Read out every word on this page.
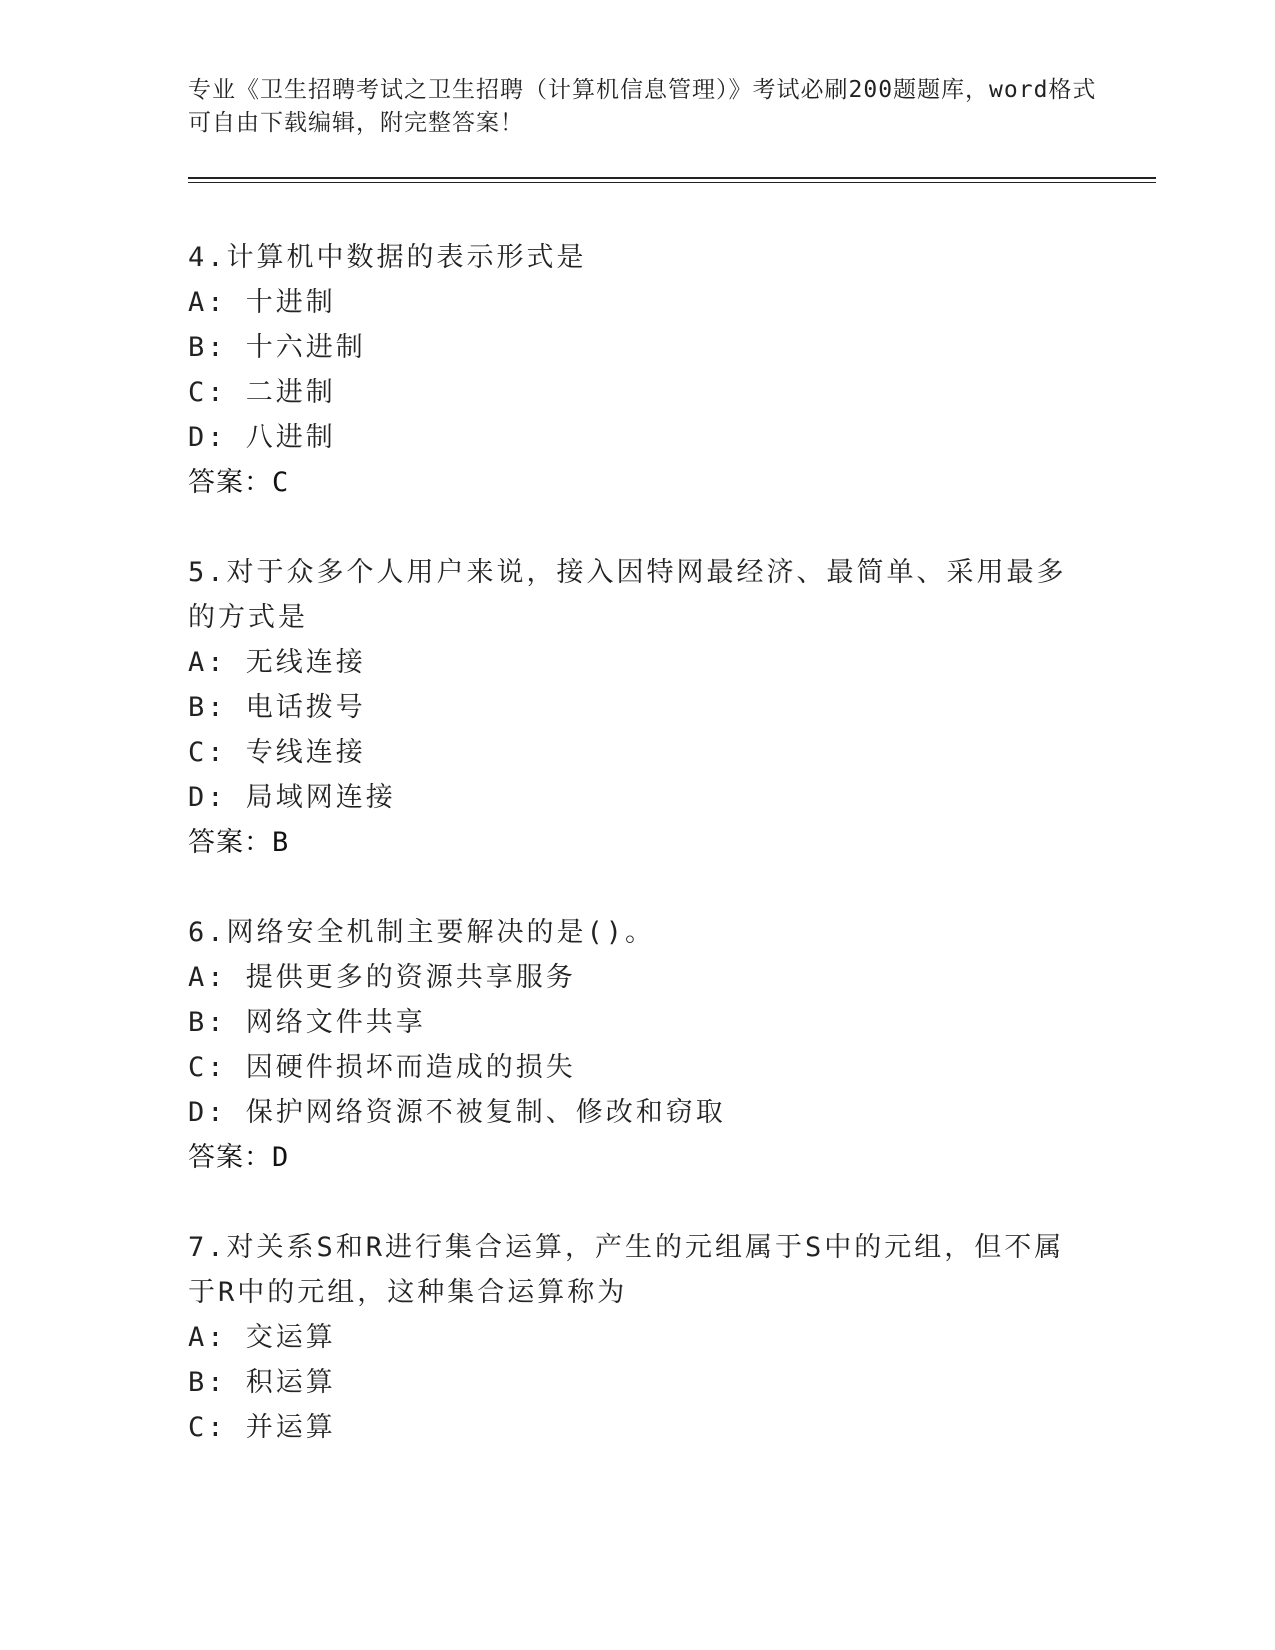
专业《卫生招聘考试之卫生招聘（计算机信息管理）》考试必刷200题题库，word格式可自由下载编辑，附完整答案！

4.计算机中数据的表示形式是

A: 十进制

B: 十六进制

C: 二进制

D: 八进制

答案：C

5.对于众多个人用户来说，接入因特网最经济、最简单、采用最多的方式是

A: 无线连接

B: 电话拨号

C: 专线连接

D: 局域网连接

答案：B

6.网络安全机制主要解决的是()。

A: 提供更多的资源共享服务

B: 网络文件共享

C: 因硬件损坏而造成的损失

D: 保护网络资源不被复制、修改和窃取

答案：D

7.对关系S和R进行集合运算，产生的元组属于S中的元组，但不属于R中的元组，这种集合运算称为

A: 交运算

B: 积运算

C: 并运算
